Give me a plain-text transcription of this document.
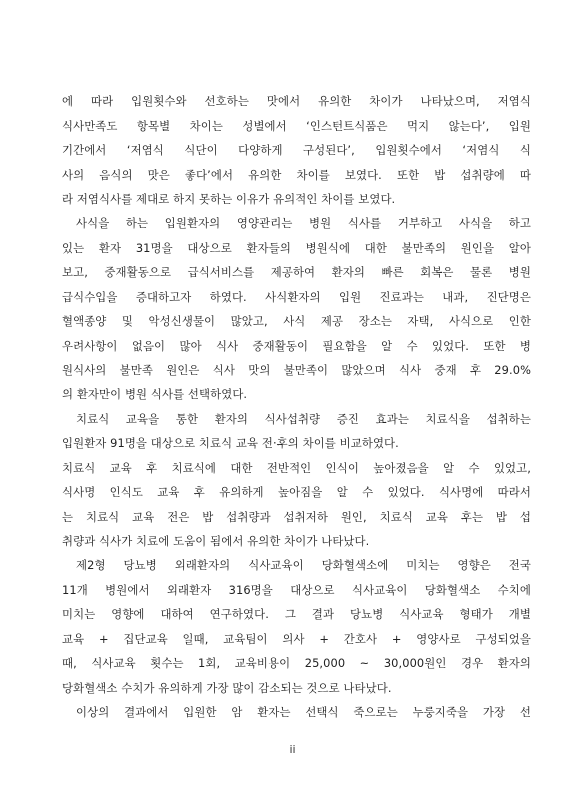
에 따라 입원횟수와 선호하는 맛에서 유의한 차이가 나타났으며, 저염식
식사만족도 항목별 차이는 성별에서 ‘인스턴트식품은 먹지 않는다’, 입원
기간에서 ‘저염식 식단이 다양하게 구성된다’, 입원횟수에서 ‘저염식 식
사의 음식의 맛은 좋다’에서 유의한 차이를 보였다. 또한 밥 섭취량에 따
라 저염식사를 제대로 하지 못하는 이유가 유의적인 차이를 보였다.
사식을 하는 입원환자의 영양관리는 병원 식사를 거부하고 사식을 하고
있는 환자 31명을 대상으로 환자들의 병원식에 대한 불만족의 원인을 알아
보고, 중재활동으로 급식서비스를 제공하여 환자의 빠른 회복은 물론 병원
급식수입을 증대하고자 하였다. 사식환자의 입원 진료과는 내과, 진단명은
혈액종양 및 악성신생물이 많았고, 사식 제공 장소는 자택, 사식으로 인한
우려사항이 없음이 많아 식사 중재활동이 필요함을 알 수 있었다. 또한 병
원식사의 불만족 원인은 식사 맛의 불만족이 많았으며 식사 중재 후 29.0%
의 환자만이 병원 식사를 선택하였다.
치료식 교육을 통한 환자의 식사섭취량 증진 효과는 치료식을 섭취하는
입원환자 91명을 대상으로 치료식 교육 전·후의 차이를 비교하였다.
치료식 교육 후 치료식에 대한 전반적인 인식이 높아졌음을 알 수 있었고,
식사명 인식도 교육 후 유의하게 높아짐을 알 수 있었다. 식사명에 따라서
는 치료식 교육 전은 밥 섭취량과 섭취저하 원인, 치료식 교육 후는 밥 섭
취량과 식사가 치료에 도움이 됨에서 유의한 차이가 나타났다.
제2형 당뇨병 외래환자의 식사교육이 당화혈색소에 미치는 영향은 전국
11개 병원에서 외래환자 316명을 대상으로 식사교육이 당화혈색소 수치에
미치는 영향에 대하여 연구하였다. 그 결과 당뇨병 식사교육 형태가 개별
교육 + 집단교육 일때, 교육팀이 의사 + 간호사 + 영양사로 구성되었을
때, 식사교육 횟수는 1회, 교육비용이 25,000 ~ 30,000원인 경우 환자의
당화혈색소 수치가 유의하게 가장 많이 감소되는 것으로 나타났다.
이상의 결과에서 입원한 암 환자는 선택식 죽으로는 누룽지죽을 가장 선
ii
